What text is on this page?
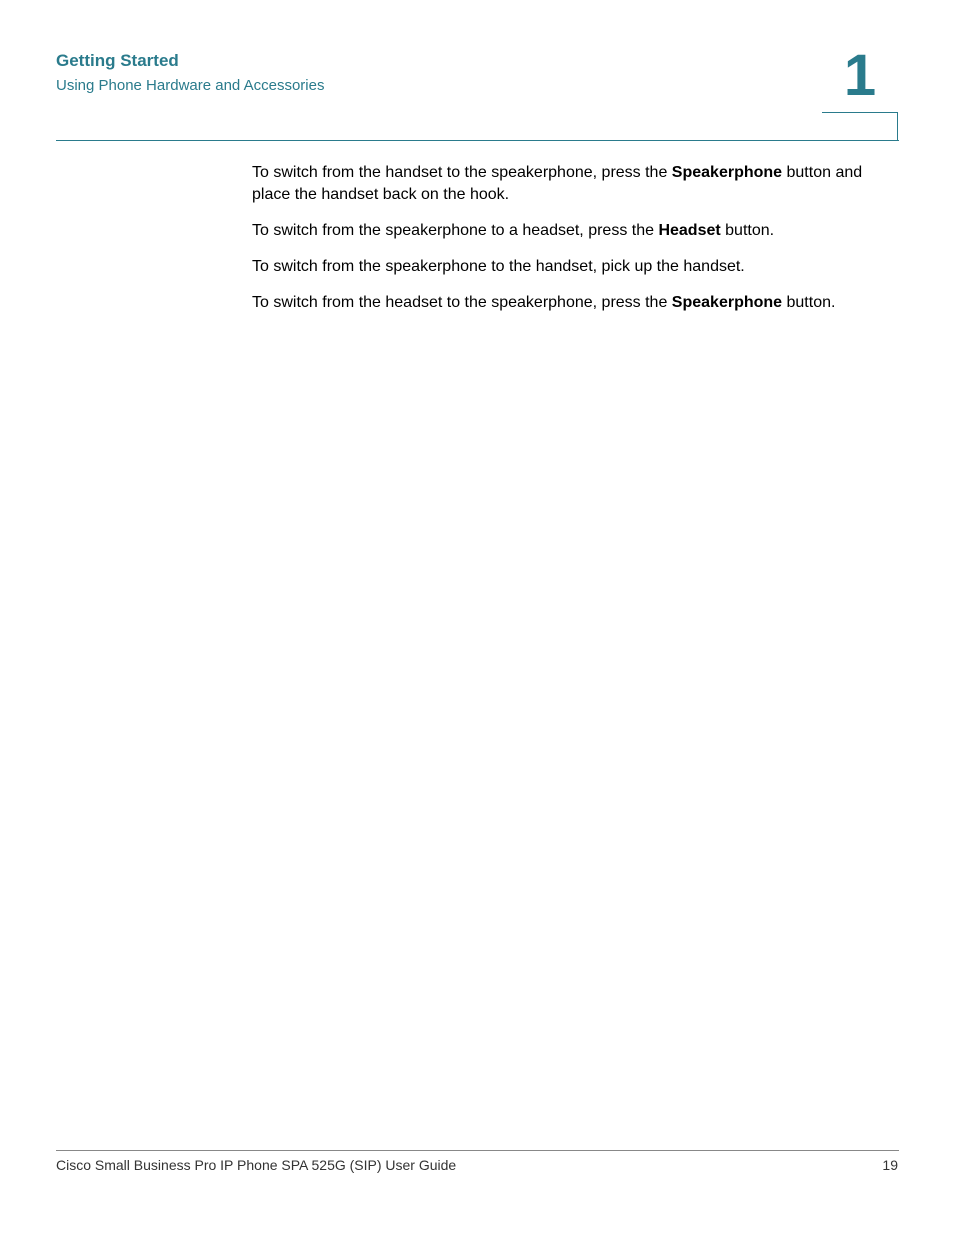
Getting Started
Using Phone Hardware and Accessories	1

To switch from the handset to the speakerphone, press the Speakerphone button and place the handset back on the hook.

To switch from the speakerphone to a headset, press the Headset button.

To switch from the speakerphone to the handset, pick up the handset.

To switch from the headset to the speakerphone, press the Speakerphone button.

Cisco Small Business Pro IP Phone SPA 525G (SIP) User Guide	19
